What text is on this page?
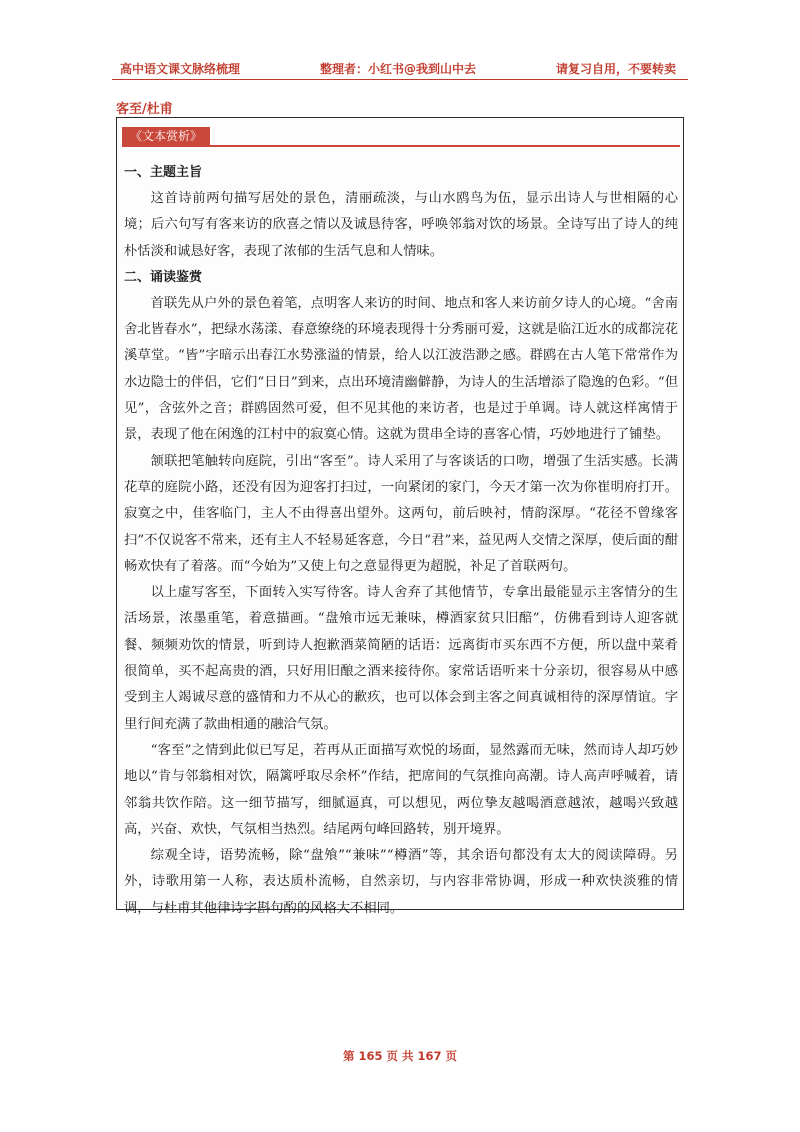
高中语文课文脉络梳理	整理者：小红书@我到山中去	请复习自用，不要转卖
客至/杜甫
《文本赏析》
一、主题主旨

这首诗前两句描写居处的景色，清丽疏淡，与山水鸥鸟为伍，显示出诗人与世相隔的心境；后六句写有客来访的欣喜之情以及诚恳待客，呼唤邻翁对饮的场景。全诗写出了诗人的纯朴恬淡和诚恳好客，表现了浓郁的生活气息和人情味。

二、诵读鉴赏

首联先从户外的景色着笔，点明客人来访的时间、地点和客人来访前夕诗人的心境。“舍南舍北皆春水”，把绿水荡漾、春意缭绕的环境表现得十分秀丽可爱，这就是临江近水的成都浣花溪草堂。“皆”字暗示出春江水势涨溢的情景，给人以江波浩渺之感。群鸥在古人笔下常常作为水边隐士的伴侣，它们“日日”到来，点出环境清幽僻静，为诗人的生活增添了隐逸的色彩。“但见”，含弦外之音；群鸥固然可爱，但不见其他的来访者，也是过于单调。诗人就这样寓情于景，表现了他在闲逸的江村中的寂寞心情。这就为贯串全诗的喜客心情，巧妙地进行了铺垫。

颔联把笔触转向庭院，引出“客至”。诗人采用了与客谈话的口吻，增强了生活实感。长满花草的庭院小路，还没有因为迎客打扫过，一向紧闭的家门，今天才第一次为你崔明府打开。寂寞之中，佳客临门，主人不由得喜出望外。这两句，前后映衬，情韵深厚。“花径不曾缘客扫”不仅说客不常来，还有主人不轻易延客意，今日“君”来，益见两人交情之深厚，使后面的酣畅欢快有了着落。而“今始为”又使上句之意显得更为超脱，补足了首联两句。

以上虚写客至，下面转入实写待客。诗人舍弃了其他情节，专拿出最能显示主客情分的生活场景，浓墨重笔，着意描画。“盘飧市远无兼味，樽酒家贫只旧醅”，仿佛看到诗人迎客就餐、频频劝饮的情景，听到诗人抱歉酒菜简陋的话语：远离街市买东西不方便，所以盘中菜肴很简单，买不起高贵的酒，只好用旧酿之酒来接待你。家常话语听来十分亲切，很容易从中感受到主人竭诚尽意的盛情和力不从心的歉疚，也可以体会到主客之间真诚相待的深厚情谊。字里行间充满了款曲相通的融洽气氛。

“客至”之情到此似已写足，若再从正面描写欢悦的场面，显然露而无味，然而诗人却巧妙地以“肯与邻翁相对饮，隔篱呼取尽余杯”作结，把席间的气氛推向高潮。诗人高声呼喊着，请邻翁共饮作陪。这一细节描写，细腻逼真，可以想见，两位挚友越喝酒意越浓，越喝兴致越高，兴奋、欢快，气氛相当热烈。结尾两句峰回路转，别开境界。

综观全诗，语势流畅，除“盘飧”“兼味”“樽酒”等，其余语句都没有太大的阅读障碍。另外，诗歌用第一人称，表达质朴流畅，自然亲切，与内容非常协调，形成一种欢快淡雅的情调，与杜甫其他律诗字斟句酌的风格大不相同。

第 165 页 共 167 页
